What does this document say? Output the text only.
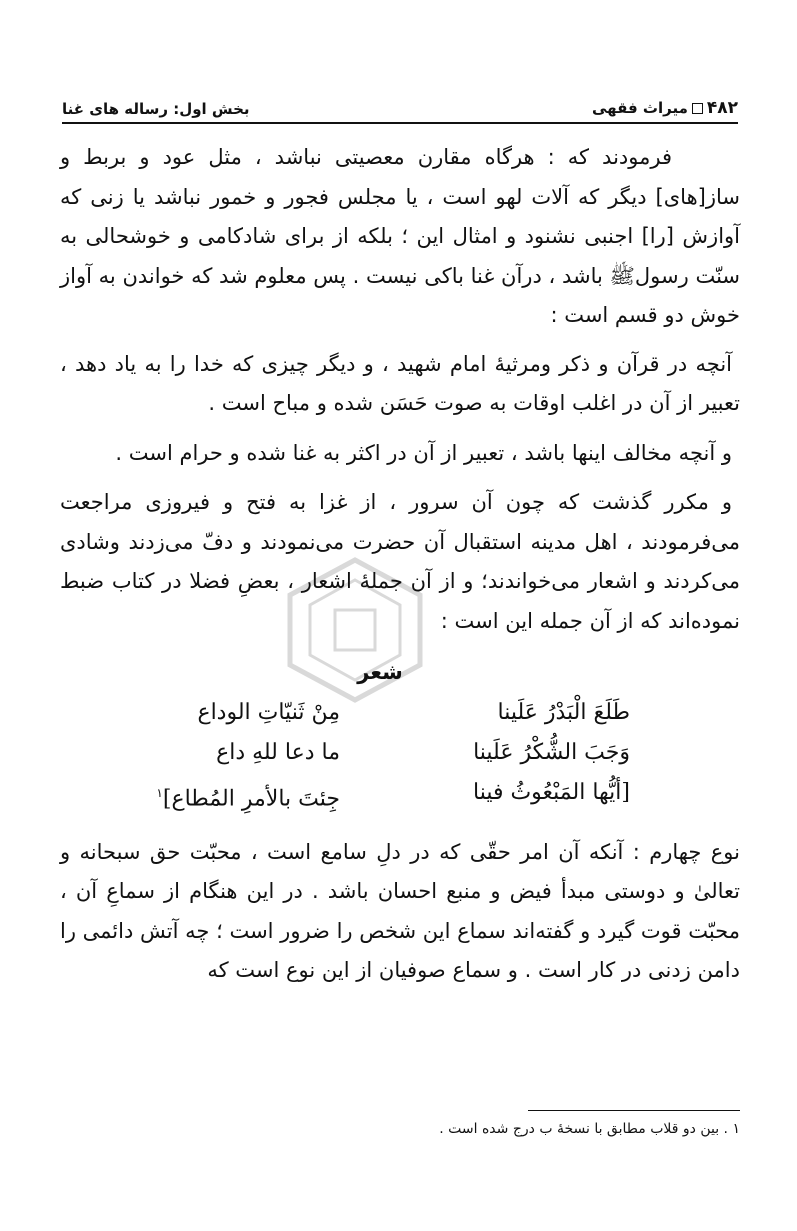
۴۸۲
میراث فقهی
بخش اول: رساله های غنا

فرمودند که : هرگاه مقارن معصیتی نباشد ، مثل عود و بربط و ساز[های] دیگر که آلات لهو است ، یا مجلس فجور و خمور نباشد یا زنی که آوازش [را] اجنبی نشنود و امثال این ؛ بلکه از برای شادکامی و خوشحالی به سنّت رسولﷺ باشد ، درآن غنا باکی نیست . پس معلوم شد که خواندن به آواز خوش دو قسم است :

آنچه در قرآن و ذکر ومرثیهٔ امام شهید ، و دیگر چیزی که خدا را به یاد دهد ، تعبیر از آن در اغلب اوقات به صوت حَسَن شده و مباح است .

و آنچه مخالف اینها باشد ، تعبیر از آن در اکثر به غنا شده و حرام است .

و مکرر گذشت که چون آن سرور ، از غزا به فتح و فیروزی مراجعت می‌فرمودند ، اهل مدینه استقبال آن حضرت می‌نمودند و دفّ می‌زدند وشادی می‌کردند و اشعار می‌خواندند؛ و از آن جملهٔ اشعار ، بعضِ فضلا در کتاب ضبط نموده‌اند که از آن جمله این است :

شعر

طَلَعَ الْبَدْرُ عَلَينا
مِنْ ثَنيّاتِ الوداع
وَجَبَ الشُّكْرُ عَلَينا
ما دعا للهِ داع
[أيُّها المَبْعُوثُ فينا
جِئتَ بالأمرِ المُطاع]$^۱$

نوع چهارم : آنکه آن امر حقّی که در دلِ سامع است ، محبّت حق سبحانه و تعالیٰ و دوستی مبدأ فیض و منبع احسان باشد . در این هنگام از سماعِ آن ، محبّت قوت گیرد و گفته‌اند سماع این شخص را ضرور است ؛ چه آتش دائمی را دامن زدنی در کار است . و سماع صوفیان از این نوع است که

۱ . بین دو قلاب مطابق با نسخهٔ ب درج شده است .
